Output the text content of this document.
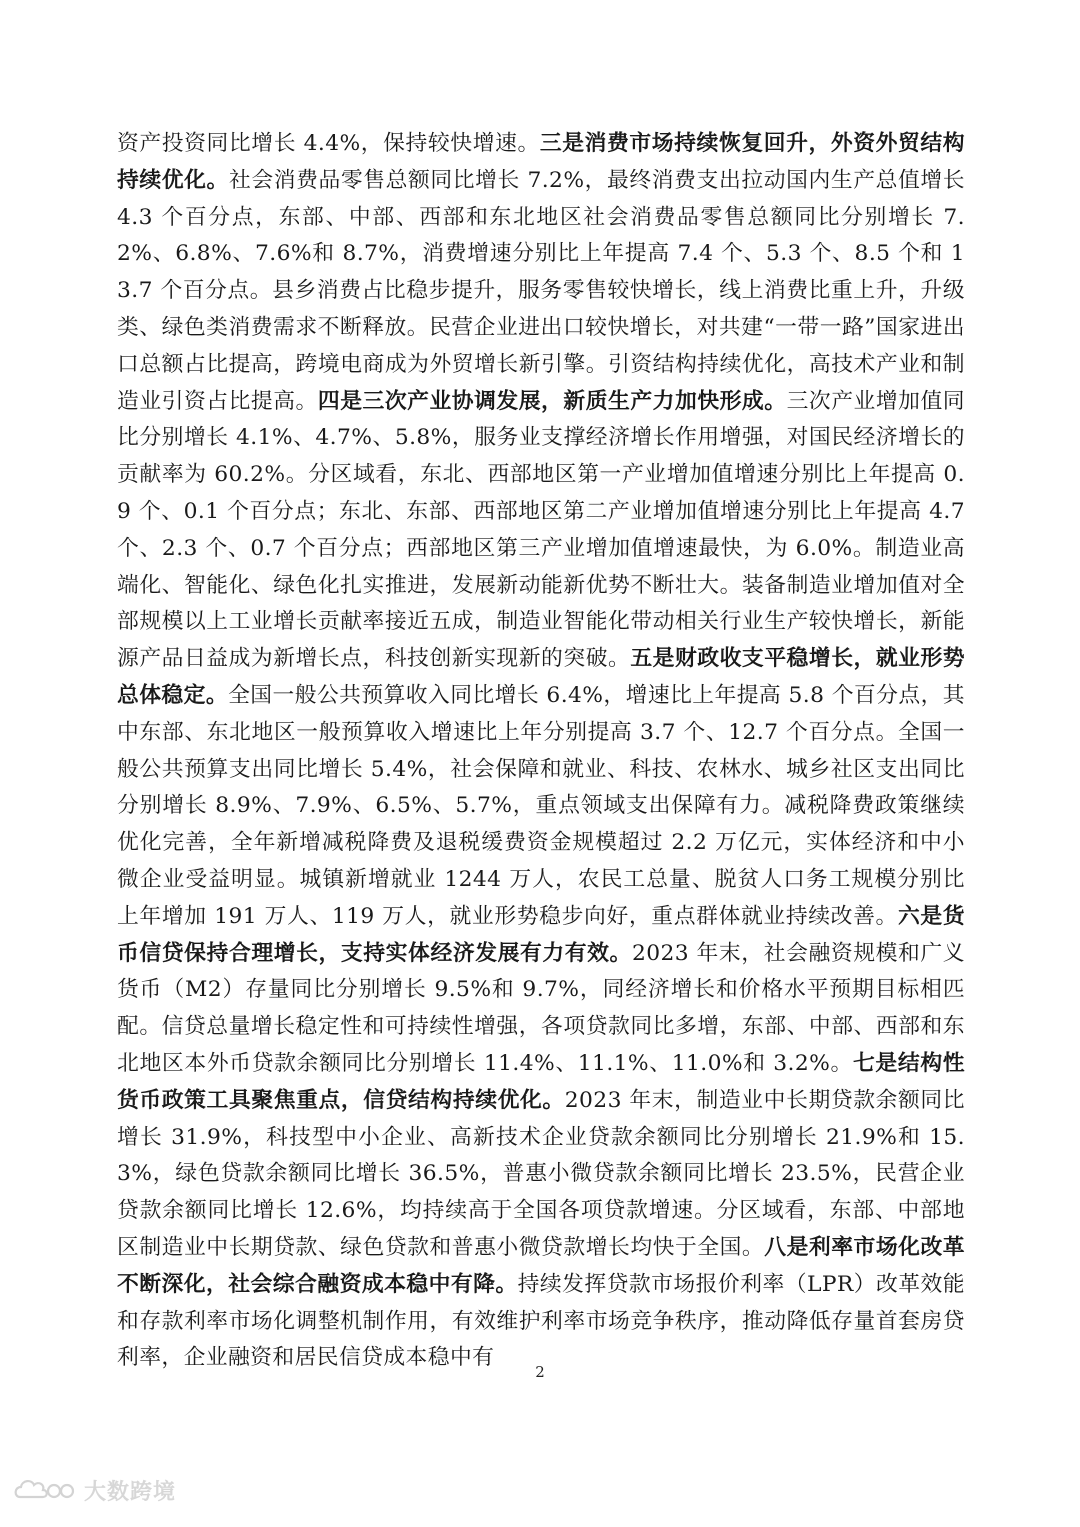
资产投资同比增长 4.4%，保持较快增速。三是消费市场持续恢复回升，外资外贸结构持续优化。社会消费品零售总额同比增长 7.2%，最终消费支出拉动国内生产总值增长 4.3 个百分点，东部、中部、西部和东北地区社会消费品零售总额同比分别增长 7.2%、6.8%、7.6%和 8.7%，消费增速分别比上年提高 7.4 个、5.3 个、8.5 个和 13.7 个百分点。县乡消费占比稳步提升，服务零售较快增长，线上消费比重上升，升级类、绿色类消费需求不断释放。民营企业进出口较快增长，对共建“一带一路”国家进出口总额占比提高，跨境电商成为外贸增长新引擎。引资结构持续优化，高技术产业和制造业引资占比提高。四是三次产业协调发展，新质生产力加快形成。三次产业增加值同比分别增长 4.1%、4.7%、5.8%，服务业支撑经济增长作用增强，对国民经济增长的贡献率为 60.2%。分区域看，东北、西部地区第一产业增加值增速分别比上年提高 0.9 个、0.1 个百分点；东北、东部、西部地区第二产业增加值增速分别比上年提高 4.7 个、2.3 个、0.7 个百分点；西部地区第三产业增加值增速最快，为 6.0%。制造业高端化、智能化、绿色化扎实推进，发展新动能新优势不断壮大。装备制造业增加值对全部规模以上工业增长贡献率接近五成，制造业智能化带动相关行业生产较快增长，新能源产品日益成为新增长点，科技创新实现新的突破。五是财政收支平稳增长，就业形势总体稳定。全国一般公共预算收入同比增长 6.4%，增速比上年提高 5.8 个百分点，其中东部、东北地区一般预算收入增速比上年分别提高 3.7 个、12.7 个百分点。全国一般公共预算支出同比增长 5.4%，社会保障和就业、科技、农林水、城乡社区支出同比分别增长 8.9%、7.9%、6.5%、5.7%，重点领域支出保障有力。减税降费政策继续优化完善，全年新增减税降费及退税缓费资金规模超过 2.2 万亿元，实体经济和中小微企业受益明显。城镇新增就业 1244 万人，农民工总量、脱贫人口务工规模分别比上年增加 191 万人、119 万人，就业形势稳步向好，重点群体就业持续改善。六是货币信贷保持合理增长，支持实体经济发展有力有效。2023 年末，社会融资规模和广义货币（M2）存量同比分别增长 9.5%和 9.7%，同经济增长和价格水平预期目标相匹配。信贷总量增长稳定性和可持续性增强，各项贷款同比多增，东部、中部、西部和东北地区本外币贷款余额同比分别增长 11.4%、11.1%、11.0%和 3.2%。七是结构性货币政策工具聚焦重点，信贷结构持续优化。2023 年末，制造业中长期贷款余额同比增长 31.9%，科技型中小企业、高新技术企业贷款余额同比分别增长 21.9%和 15.3%，绿色贷款余额同比增长 36.5%，普惠小微贷款余额同比增长 23.5%，民营企业贷款余额同比增长 12.6%，均持续高于全国各项贷款增速。分区域看，东部、中部地区制造业中长期贷款、绿色贷款和普惠小微贷款增长均快于全国。八是利率市场化改革不断深化，社会综合融资成本稳中有降。持续发挥贷款市场报价利率（LPR）改革效能和存款利率市场化调整机制作用，有效维护利率市场竞争秩序，推动降低存量首套房贷利率，企业融资和居民信贷成本稳中有

2
大数跨境
